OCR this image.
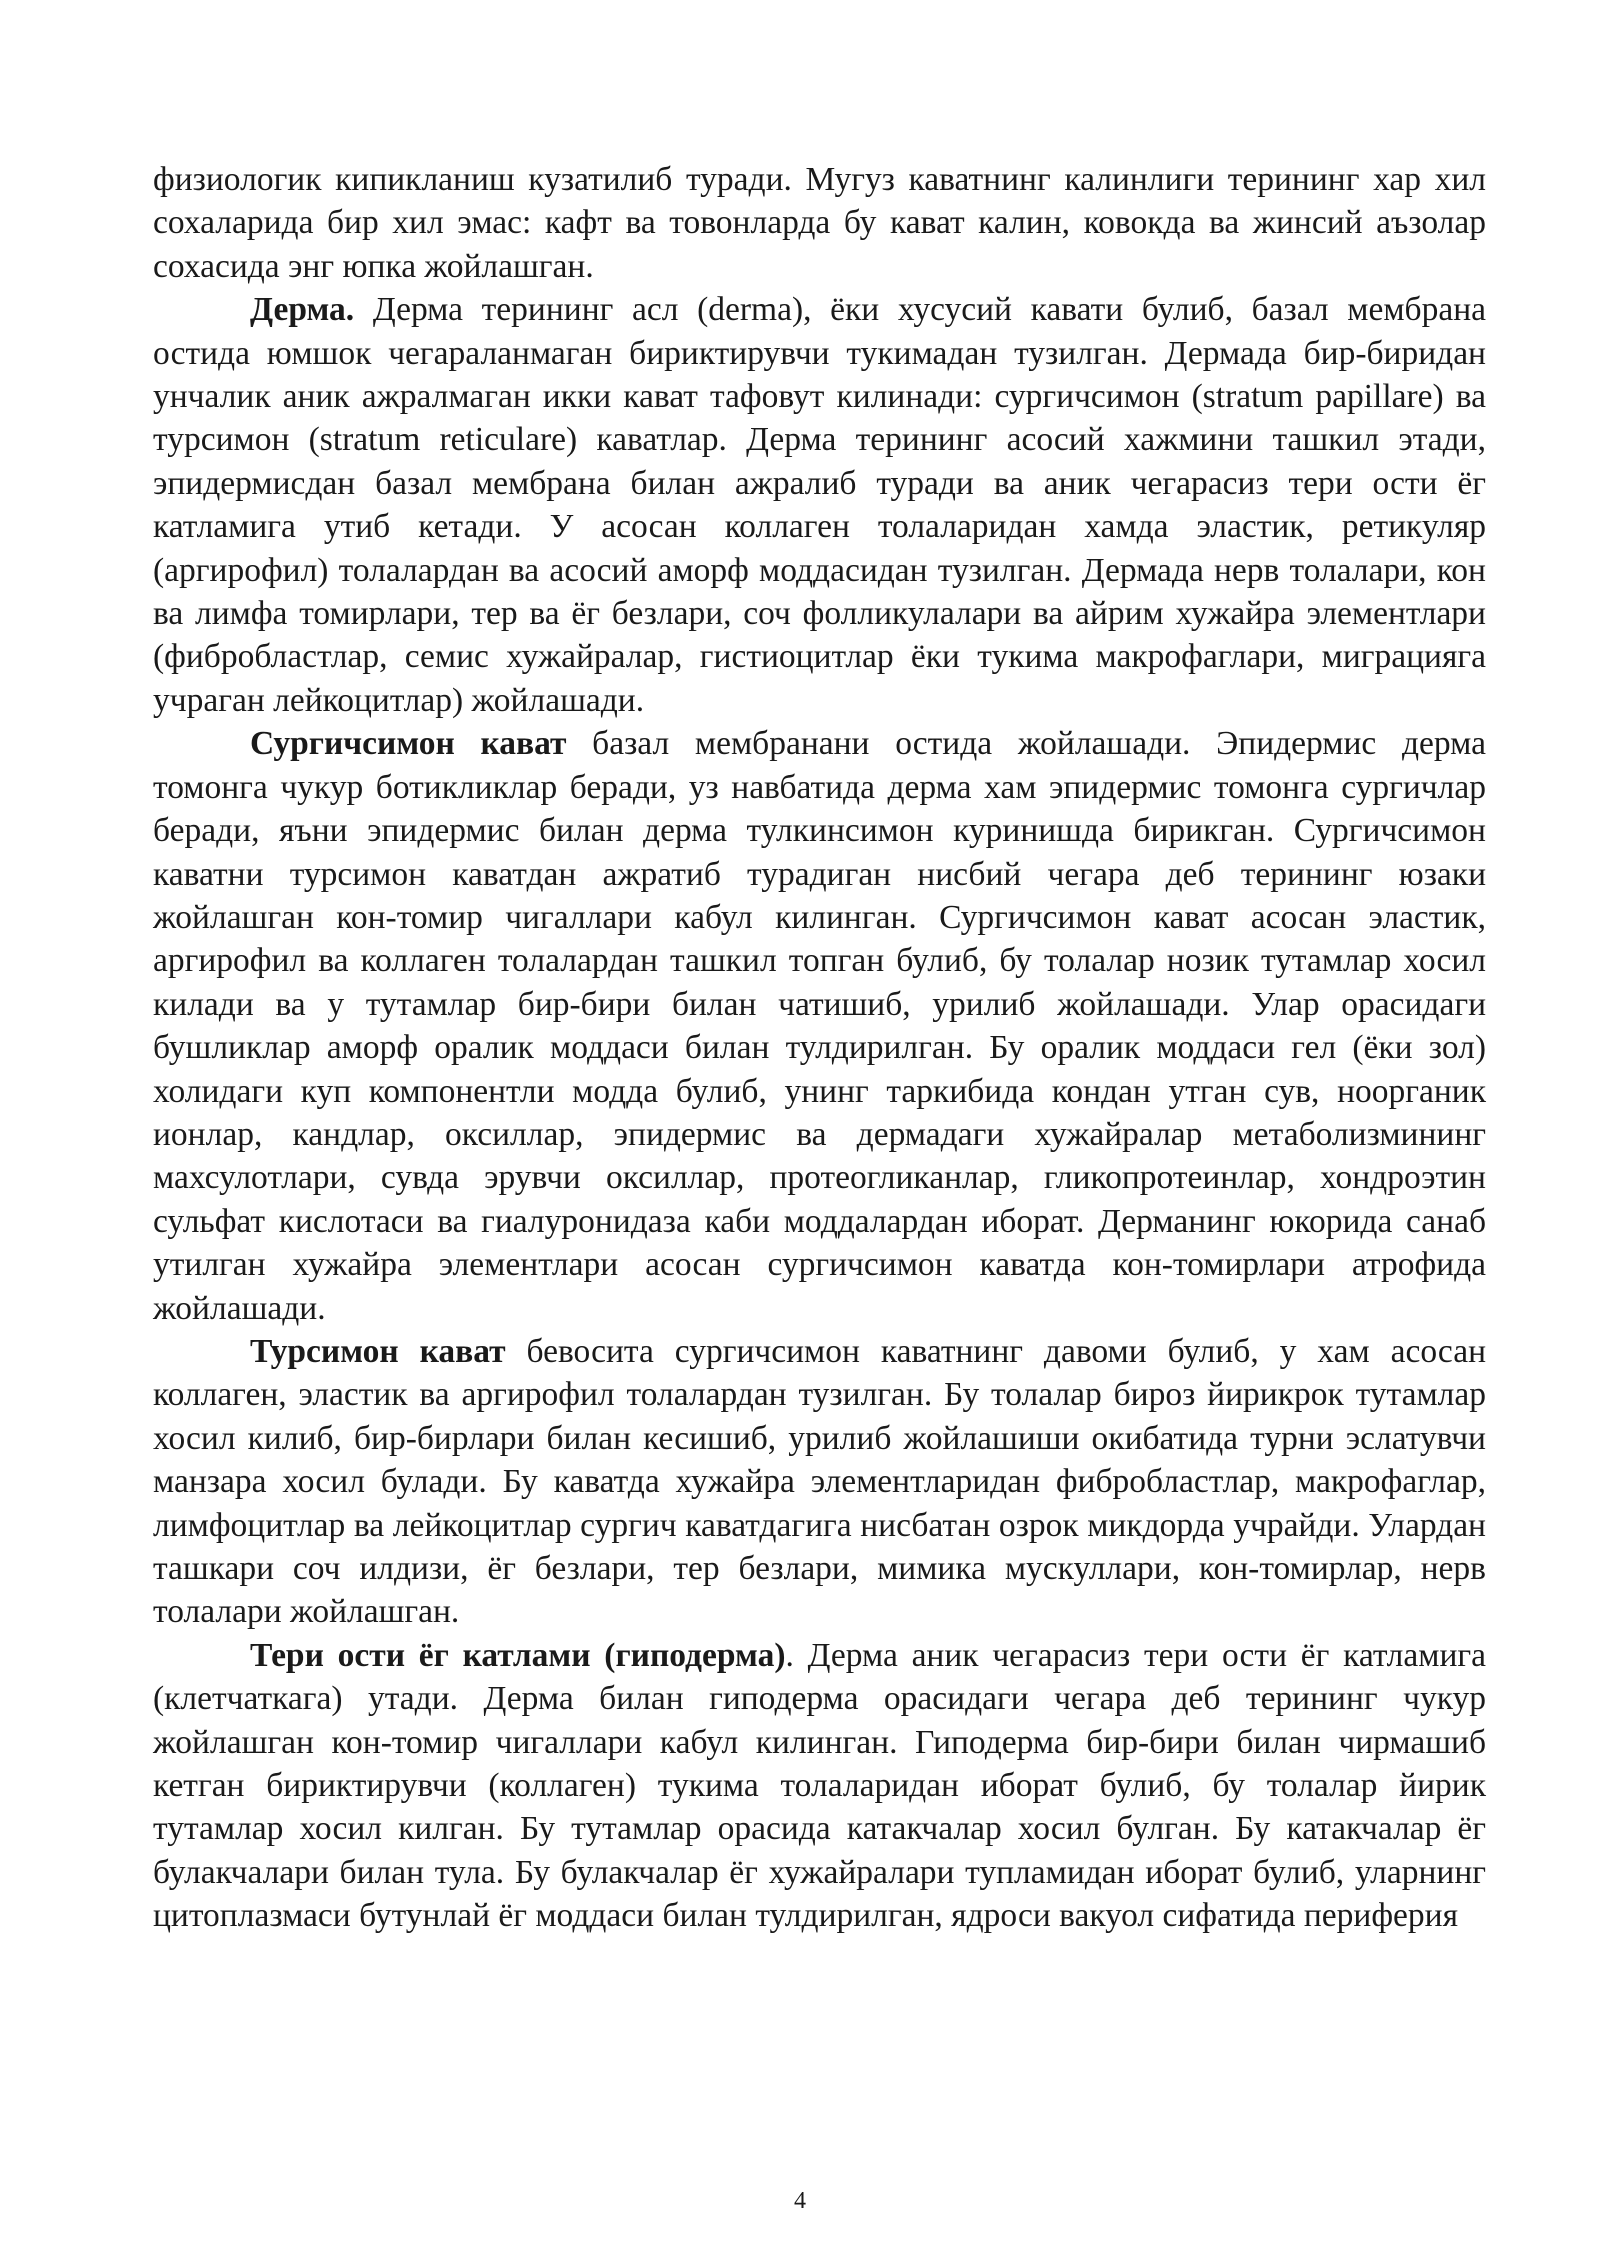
физиологик кипикланиш кузатилиб туради. Мугуз каватнинг калинлиги терининг хар хил сохаларида бир хил эмас: кафт ва товонларда бу кават калин, ковокда ва жинсий аъзолар сохасида энг юпка жойлашган.

Дерма. Дерма терининг асл (derma), ёки хусусий кавати булиб, базал мембрана остида юмшок чегараланмаган бириктирувчи тукимадан тузилган. Дермада бир-биридан унчалик аник ажралмаган икки кават тафовут килинади: сургичсимон (stratum papillare) ва турсимон (stratum reticulare) каватлар. Дерма терининг асосий хажмини ташкил этади, эпидермисдан базал мембрана билан ажралиб туради ва аник чегарасиз тери ости ёг катламига утиб кетади. У асосан коллаген толаларидан хамда эластик, ретикуляр (аргирофил) толалардан ва асосий аморф моддасидан тузилган. Дермада нерв толалари, кон ва лимфа томирлари, тер ва ёг безлари, соч фолликулалари ва айрим хужайра элементлари (фибробластлар, семис хужайралар, гистиоцитлар ёки тукима макрофаглари, миграцияга учраган лейкоцитлар) жойлашади.

Сургичсимон кават базал мембранани остида жойлашади. Эпидермис дерма томонга чукур ботикликлар беради, уз навбатида дерма хам эпидермис томонга сургичлар беради, яъни эпидермис билан дерма тулкинсимон куринишда бирикган. Сургичсимон каватни турсимон каватдан ажратиб турадиган нисбий чегара деб терининг юзаки жойлашган кон-томир чигаллари кабул килинган. Сургичсимон кават асосан эластик, аргирофил ва коллаген толалардан ташкил топган булиб, бу толалар нозик тутамлар хосил килади ва у тутамлар бир-бири билан чатишиб, урилиб жойлашади. Улар орасидаги бушликлар аморф оралик моддаси билан тулдирилган. Бу оралик моддаси гел (ёки зол) холидаги куп компонентли модда булиб, унинг таркибида кондан утган сув, ноорганик ионлар, кандлар, оксиллар, эпидермис ва дермадаги хужайралар метаболизмининг махсулотлари, сувда эрувчи оксиллар, протеогликанлар, гликопротеинлар, хондроэтин сульфат кислотаси ва гиалуронидаза каби моддалардан иборат. Дерманинг юкорида санаб утилган хужайра элементлари асосан сургичсимон каватда кон-томирлари атрофида жойлашади.

Турсимон кават бевосита сургичсимон каватнинг давоми булиб, у хам асосан коллаген, эластик ва аргирофил толалардан тузилган. Бу толалар бироз йирикрок тутамлар хосил килиб, бир-бирлари билан кесишиб, урилиб жойлашиши окибатида турни эслатувчи манзара хосил булади. Бу каватда хужайра элементларидан фибробластлар, макрофаглар, лимфоцитлар ва лейкоцитлар сургич каватдагига нисбатан озрок микдорда учрайди. Улардан ташкари соч илдизи, ёг безлари, тер безлари, мимика мускуллари, кон-томирлар, нерв толалари жойлашган.

Тери ости ёг катлами (гиподерма). Дерма аник чегарасиз тери ости ёг катламига (клетчаткага) утади. Дерма билан гиподерма орасидаги чегара деб терининг чукур жойлашган кон-томир чигаллари кабул килинган. Гиподерма бир-бири билан чирмашиб кетган бириктирувчи (коллаген) тукима толаларидан иборат булиб, бу толалар йирик тутамлар хосил килган. Бу тутамлар орасида катакчалар хосил булган. Бу катакчалар ёг булакчалари билан тула. Бу булакчалар ёг хужайралари тупламидан иборат булиб, уларнинг цитоплазмаси бутунлай ёг моддаси билан тулдирилган, ядроси вакуол сифатида периферия

4
